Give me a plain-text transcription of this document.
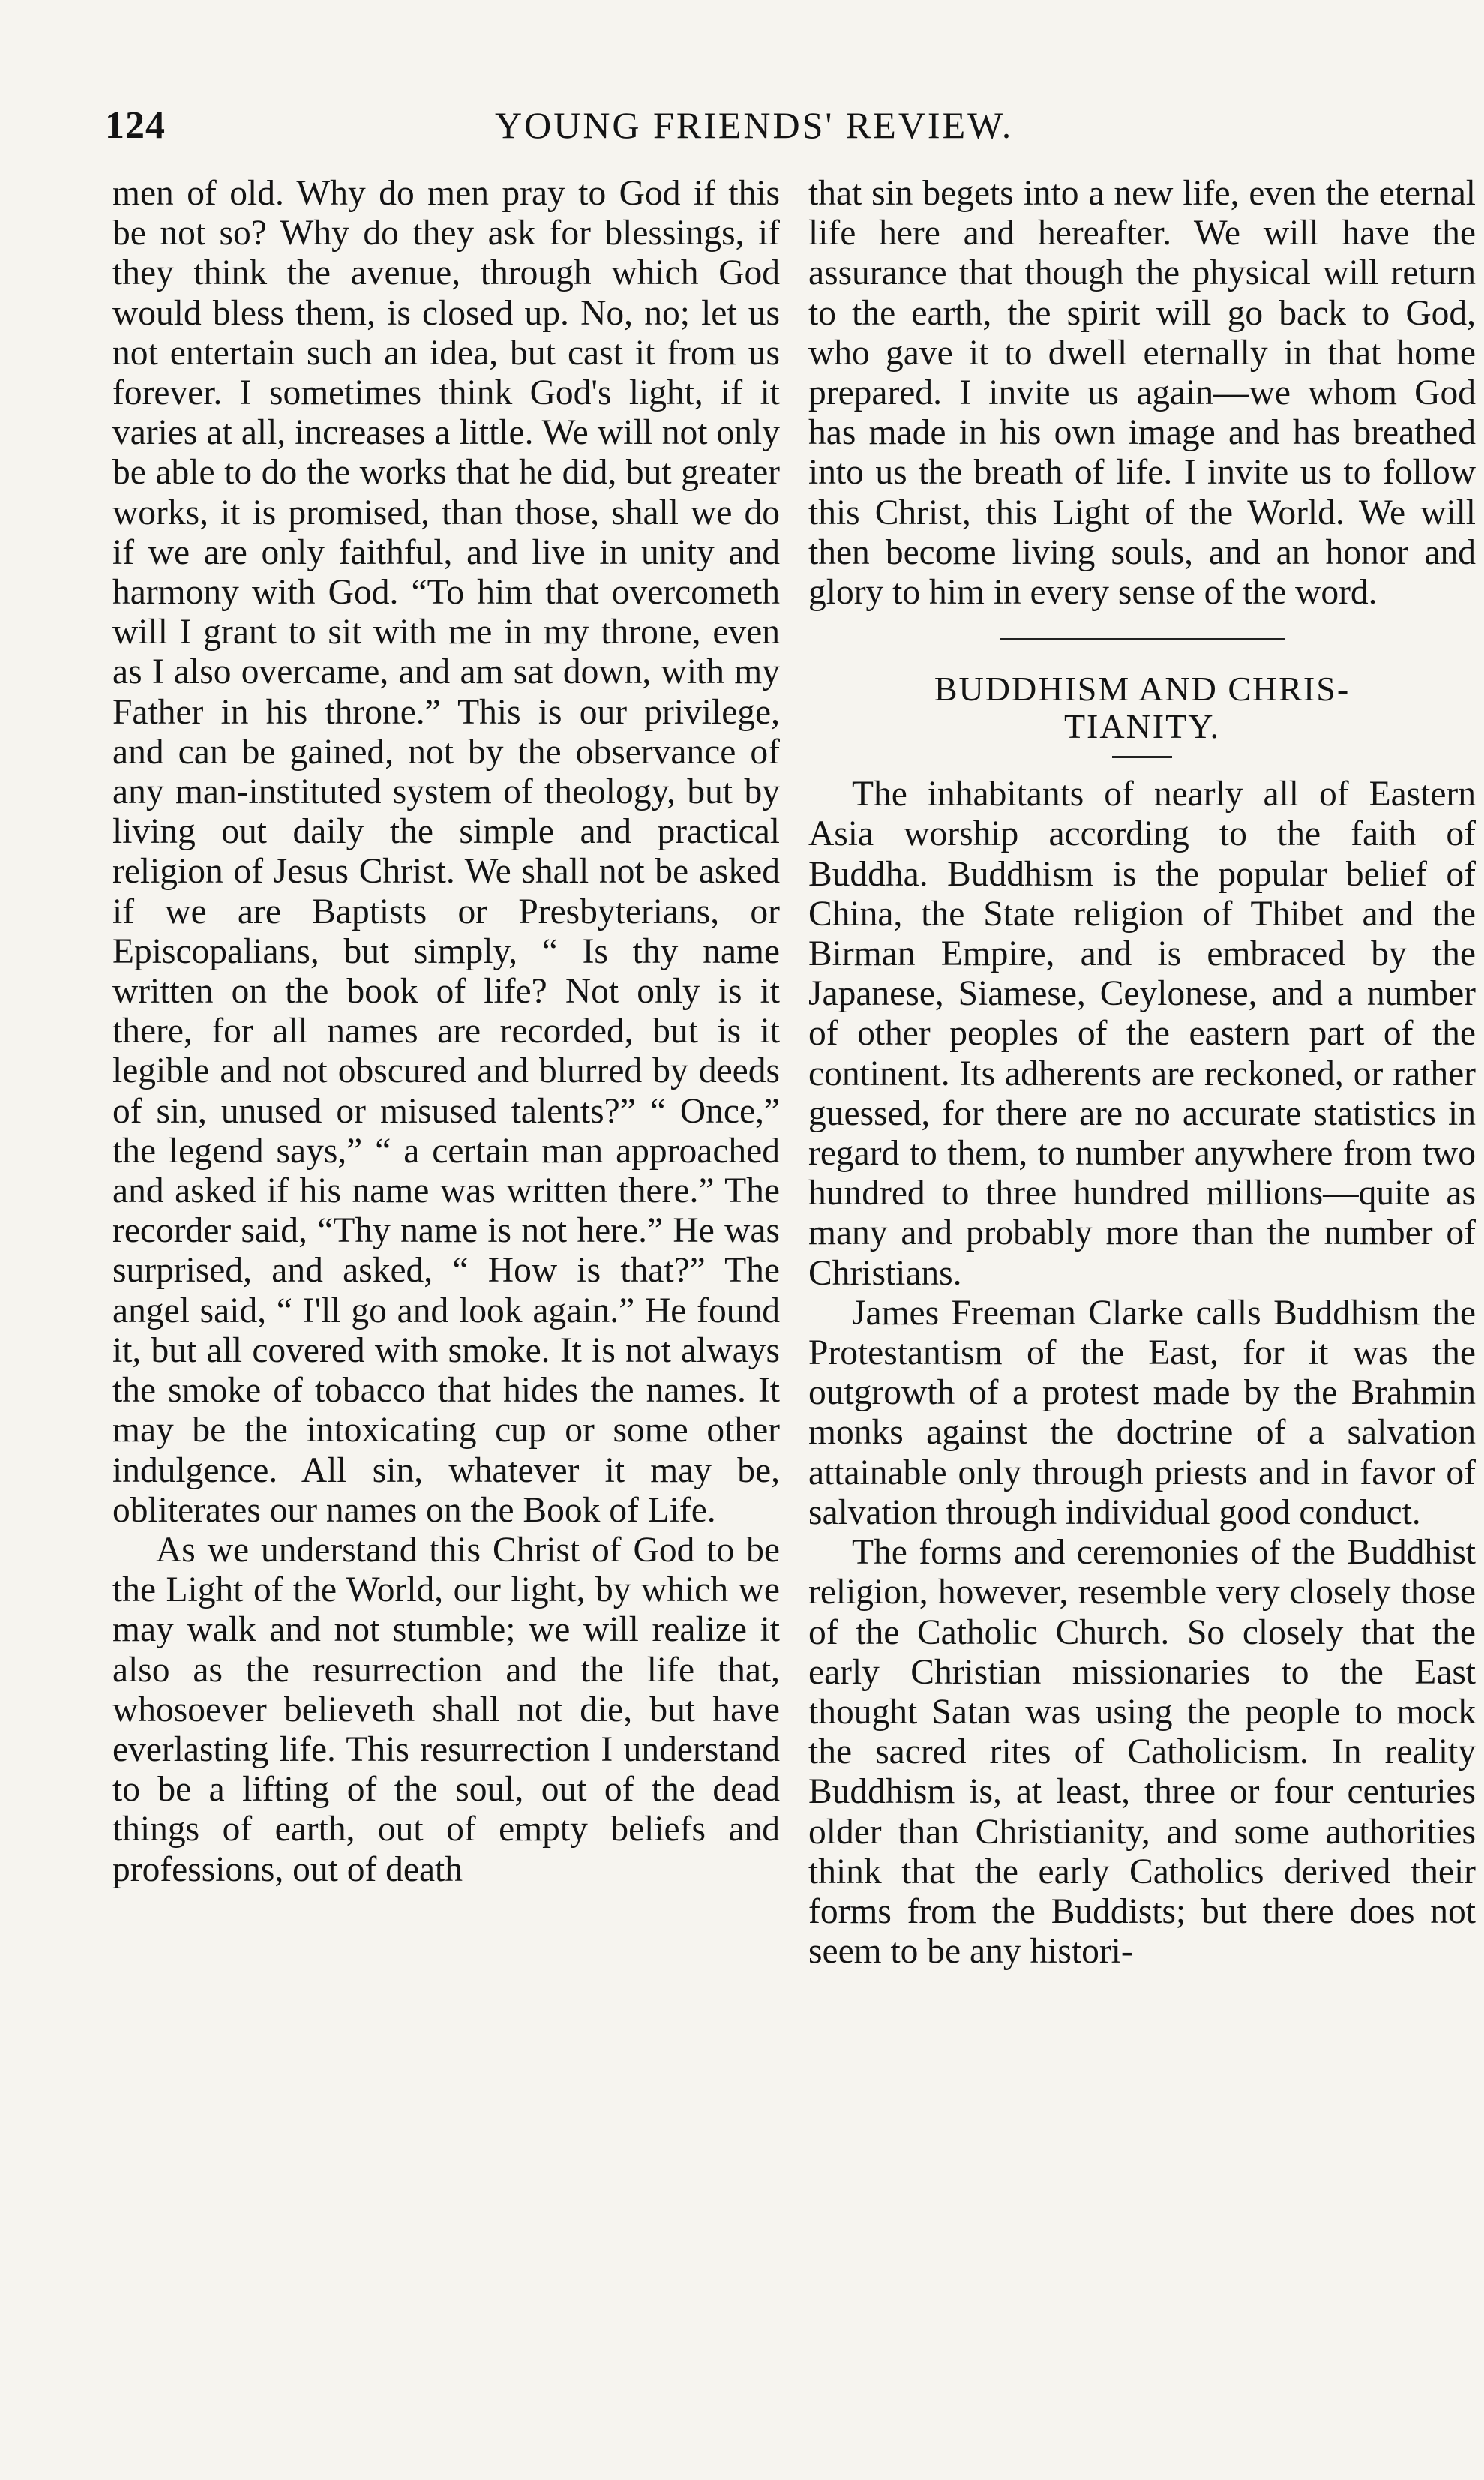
124	YOUNG FRIENDS' REVIEW.

men of old. Why do men pray to God if this be not so? Why do they ask for blessings, if they think the avenue, through which God would bless them, is closed up. No, no; let us not entertain such an idea, but cast it from us forever. I sometimes think God's light, if it varies at all, increases a little. We will not only be able to do the works that he did, but greater works, it is promised, than those, shall we do if we are only faithful, and live in unity and harmony with God. “To him that overcometh will I grant to sit with me in my throne, even as I also overcame, and am sat down, with my Father in his throne.” This is our privilege, and can be gained, not by the observance of any man-instituted system of theology, but by living out daily the simple and practical religion of Jesus Christ. We shall not be asked if we are Baptists or Presbyterians, or Episcopalians, but simply, “ Is thy name written on the book of life? Not only is it there, for all names are recorded, but is it legible and not obscured and blurred by deeds of sin, unused or misused talents?” “ Once,” the legend says,” “ a certain man approached and asked if his name was written there.” The recorder said, “Thy name is not here.” He was surprised, and asked, “ How is that?” The angel said, “ I'll go and look again.” He found it, but all covered with smoke. It is not always the smoke of tobacco that hides the names. It may be the intoxicating cup or some other indulgence. All sin, whatever it may be, obliterates our names on the Book of Life.

As we understand this Christ of God to be the Light of the World, our light, by which we may walk and not stumble; we will realize it also as the resurrection and the life that, whosoever believeth shall not die, but have everlasting life. This resurrection I understand to be a lifting of the soul, out of the dead things of earth, out of empty beliefs and professions, out of death

that sin begets into a new life, even the eternal life here and hereafter. We will have the assurance that though the physical will return to the earth, the spirit will go back to God, who gave it to dwell eternally in that home prepared. I invite us again—we whom God has made in his own image and has breathed into us the breath of life. I invite us to follow this Christ, this Light of the World. We will then become living souls, and an honor and glory to him in every sense of the word.

BUDDHISM AND CHRIS-
TIANITY.

The inhabitants of nearly all of Eastern Asia worship according to the faith of Buddha. Buddhism is the popular belief of China, the State religion of Thibet and the Birman Empire, and is embraced by the Japanese, Siamese, Ceylonese, and a number of other peoples of the eastern part of the continent. Its adherents are reckoned, or rather guessed, for there are no accurate statistics in regard to them, to number anywhere from two hundred to three hundred millions—quite as many and probably more than the number of Christians.

James Freeman Clarke calls Buddhism the Protestantism of the East, for it was the outgrowth of a protest made by the Brahmin monks against the doctrine of a salvation attainable only through priests and in favor of salvation through individual good conduct.

The forms and ceremonies of the Buddhist religion, however, resemble very closely those of the Catholic Church. So closely that the early Christian missionaries to the East thought Satan was using the people to mock the sacred rites of Catholicism. In reality Buddhism is, at least, three or four centuries older than Christianity, and some authorities think that the early Catholics derived their forms from the Buddists; but there does not seem to be any histori-
